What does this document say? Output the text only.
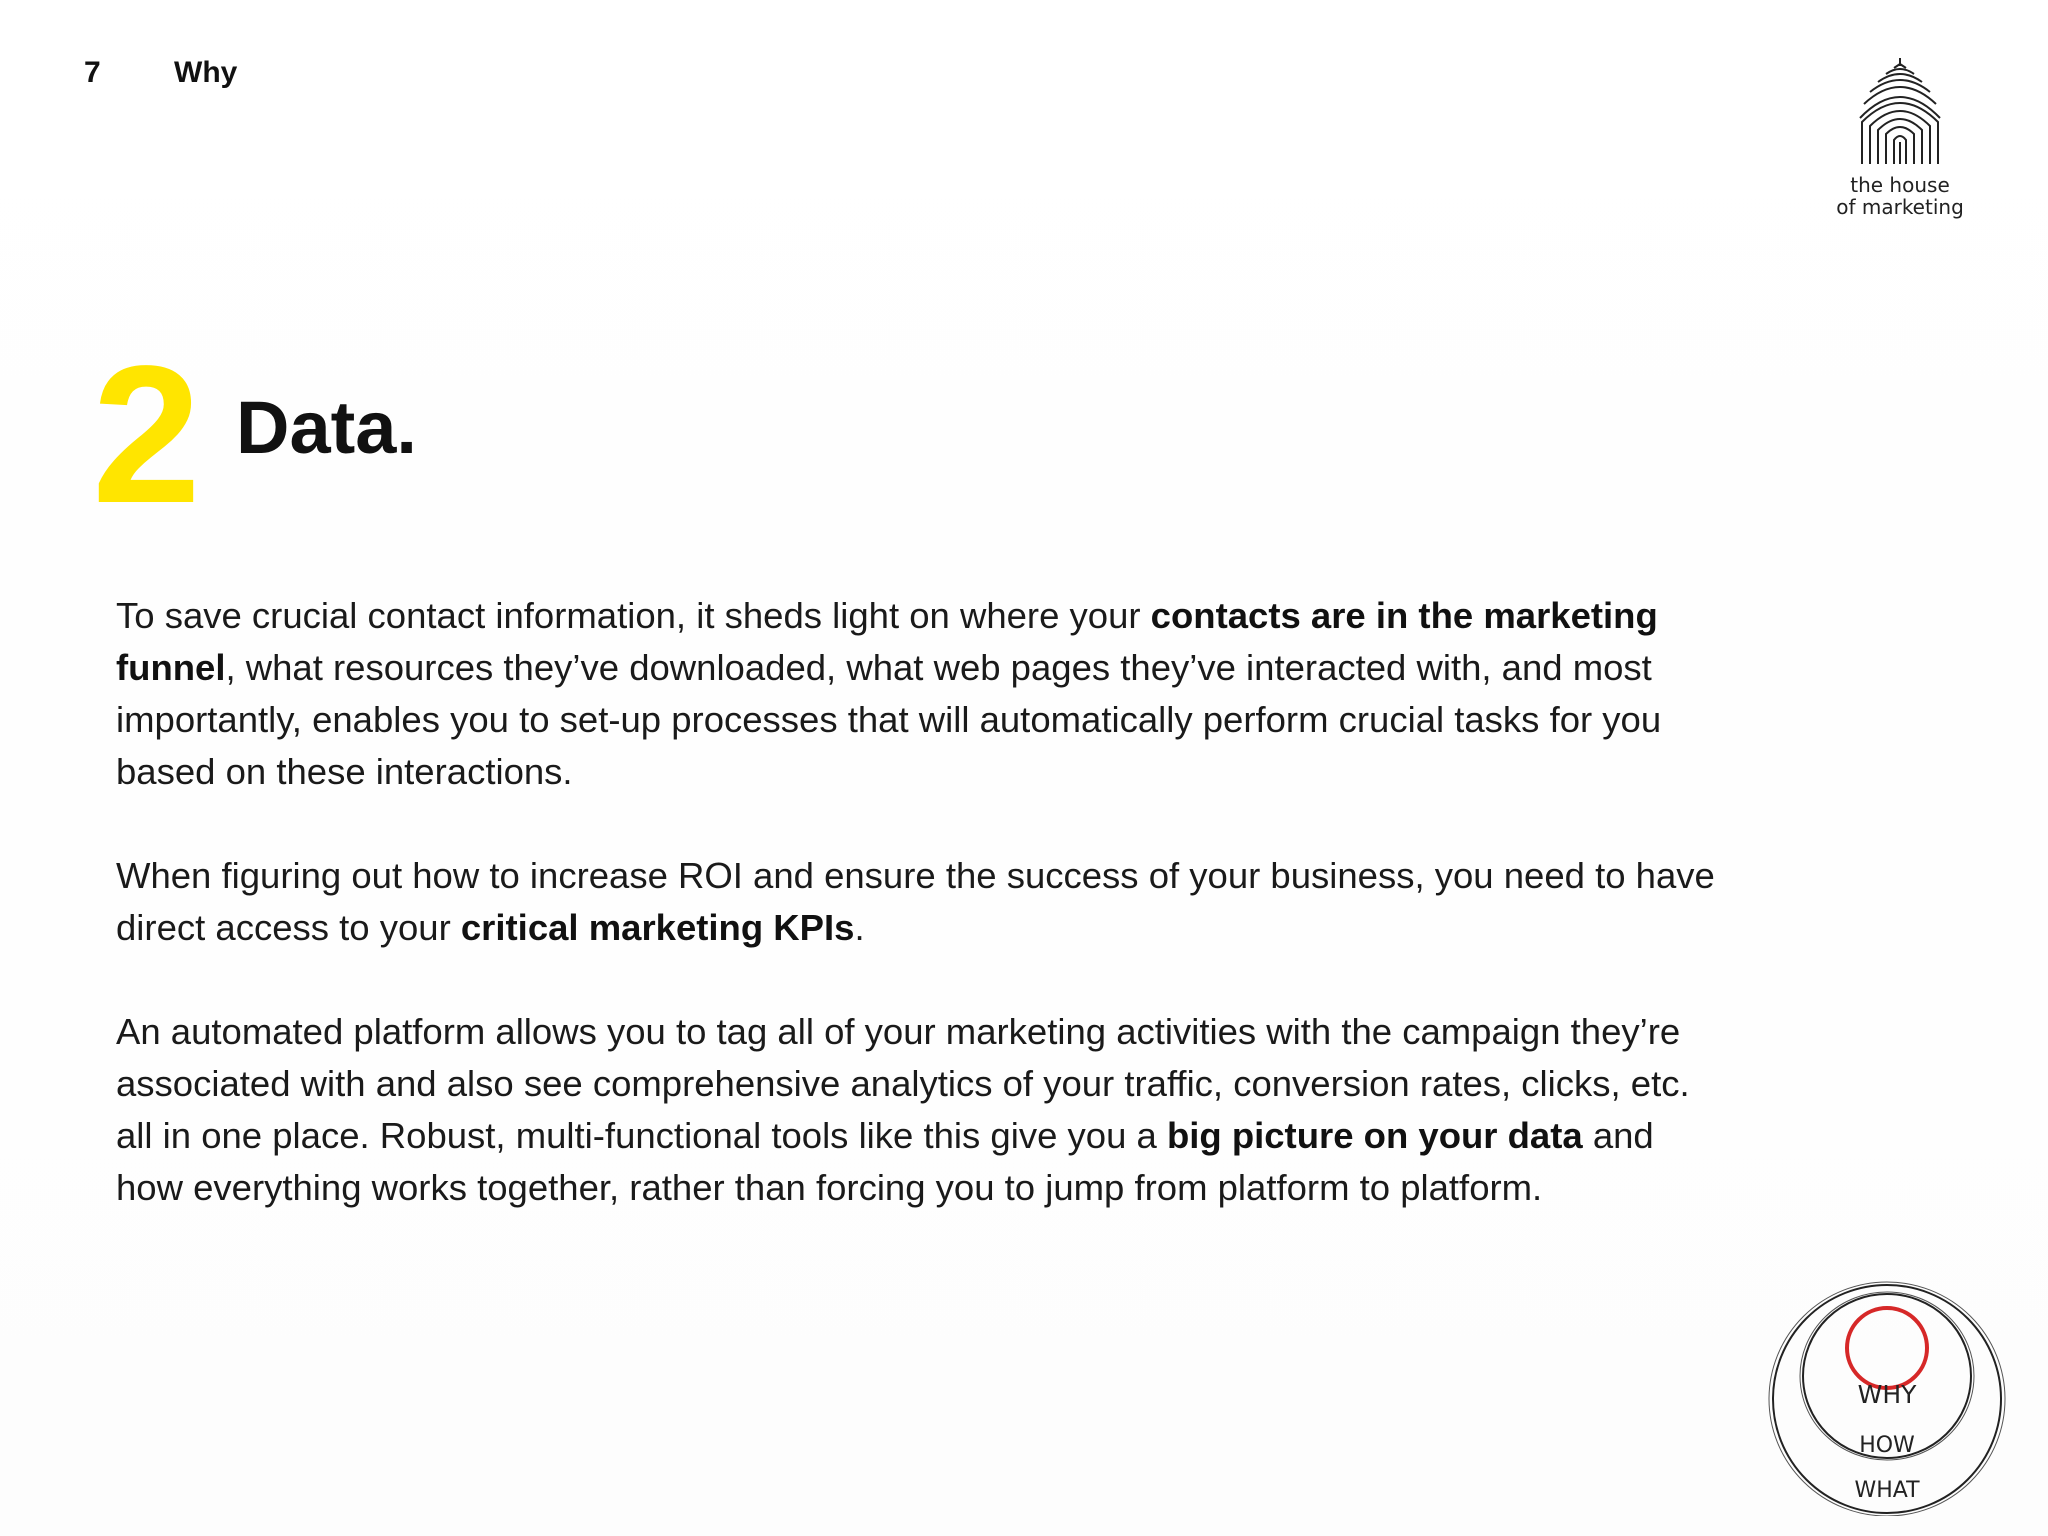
7	Why
the house
of marketing
2 Data.

To save crucial contact information, it sheds light on where your contacts are in the marketing funnel, what resources they’ve downloaded, what web pages they’ve interacted with, and most importantly, enables you to set-up processes that will automatically perform crucial tasks for you based on these interactions.

When figuring out how to increase ROI and ensure the success of your business, you need to have direct access to your critical marketing KPIs.

An automated platform allows you to tag all of your marketing activities with the campaign they’re associated with and also see comprehensive analytics of your traffic, conversion rates, clicks, etc. all in one place. Robust, multi-functional tools like this give you a big picture on your data and how everything works together, rather than forcing you to jump from platform to platform.

WHY
HOW
WHAT
